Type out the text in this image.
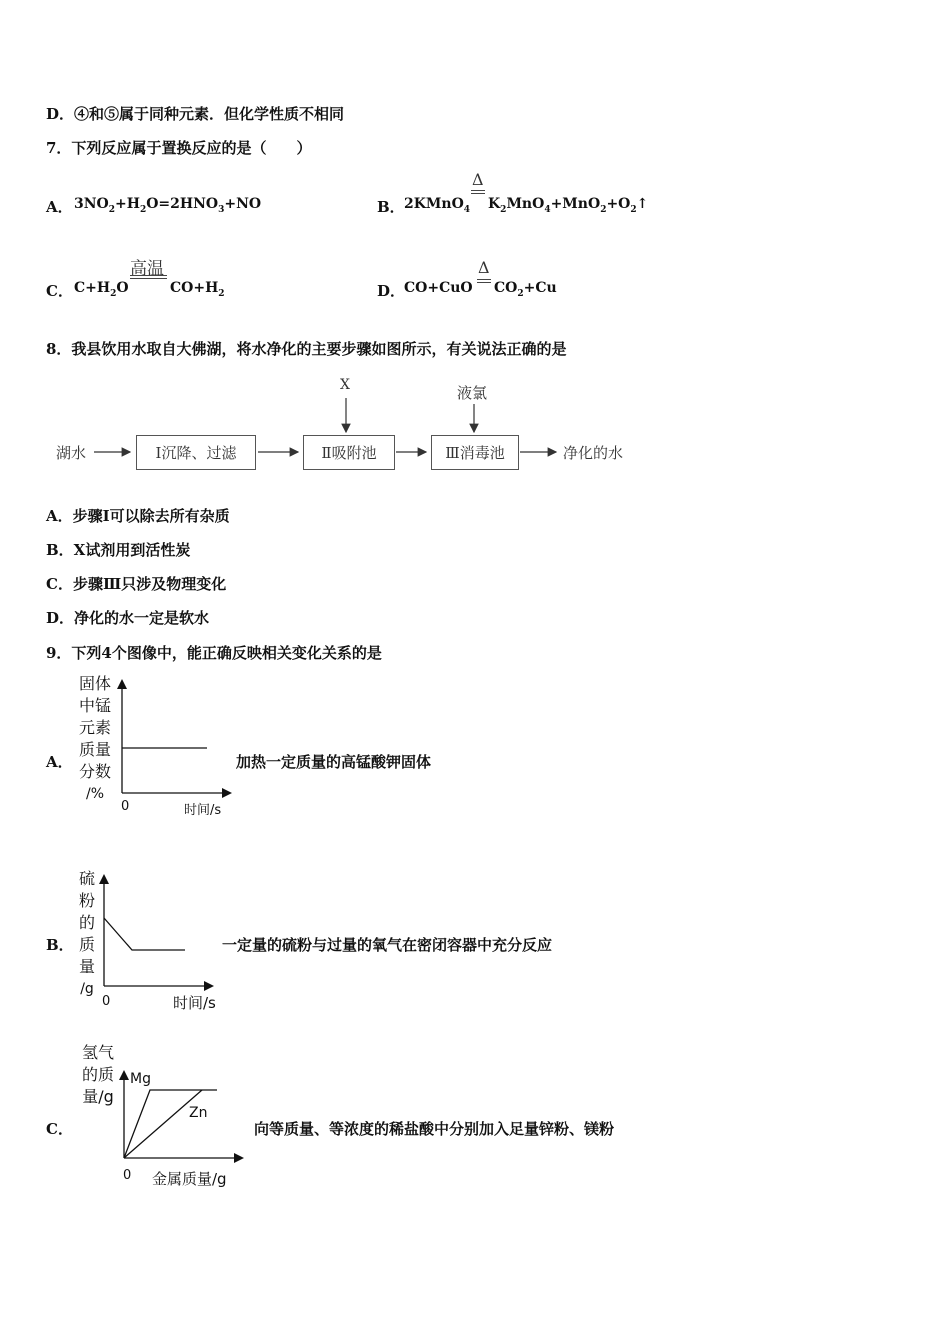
D．④和⑤属于同种元素．但化学性质不相同
7．下列反应属于置换反应的是（　　）
A． $3NO_2+H_2O=2HNO_3+NO$	B． 2KMnO$_4$
Δ
$K_2MnO_4+MnO_2+O_2↑$
C． $C+H_2O$
高温
$CO+H_2$	D．
CO+CuO
Δ
$CO_2+Cu$
8．我县饮用水取自大佛湖，将水净化的主要步骤如图所示，有关说法正确的是
湖水	Ⅰ沉降、过滤	Ⅱ吸附池	Ⅲ消毒池	净化的水
X	液氯
A．步骤Ⅰ可以除去所有杂质
B．X试剂用到活性炭
C．步骤Ⅲ只涉及物理变化
D．净化的水一定是软水
9．下列4个图像中，能正确反映相关变化关系的是
A．
固体
中锰
元素
质量
分数
/%
0	时间/s
加热一定质量的高锰酸钾固体
B．
硫
粉
的
质
量
/g
0	时间/s
一定量的硫粉与过量的氧气在密闭容器中充分反应
C．
氢气
的质
量/g
Mg
Zn
0 金属质量/g
向等质量、等浓度的稀盐酸中分别加入足量锌粉、镁粉
